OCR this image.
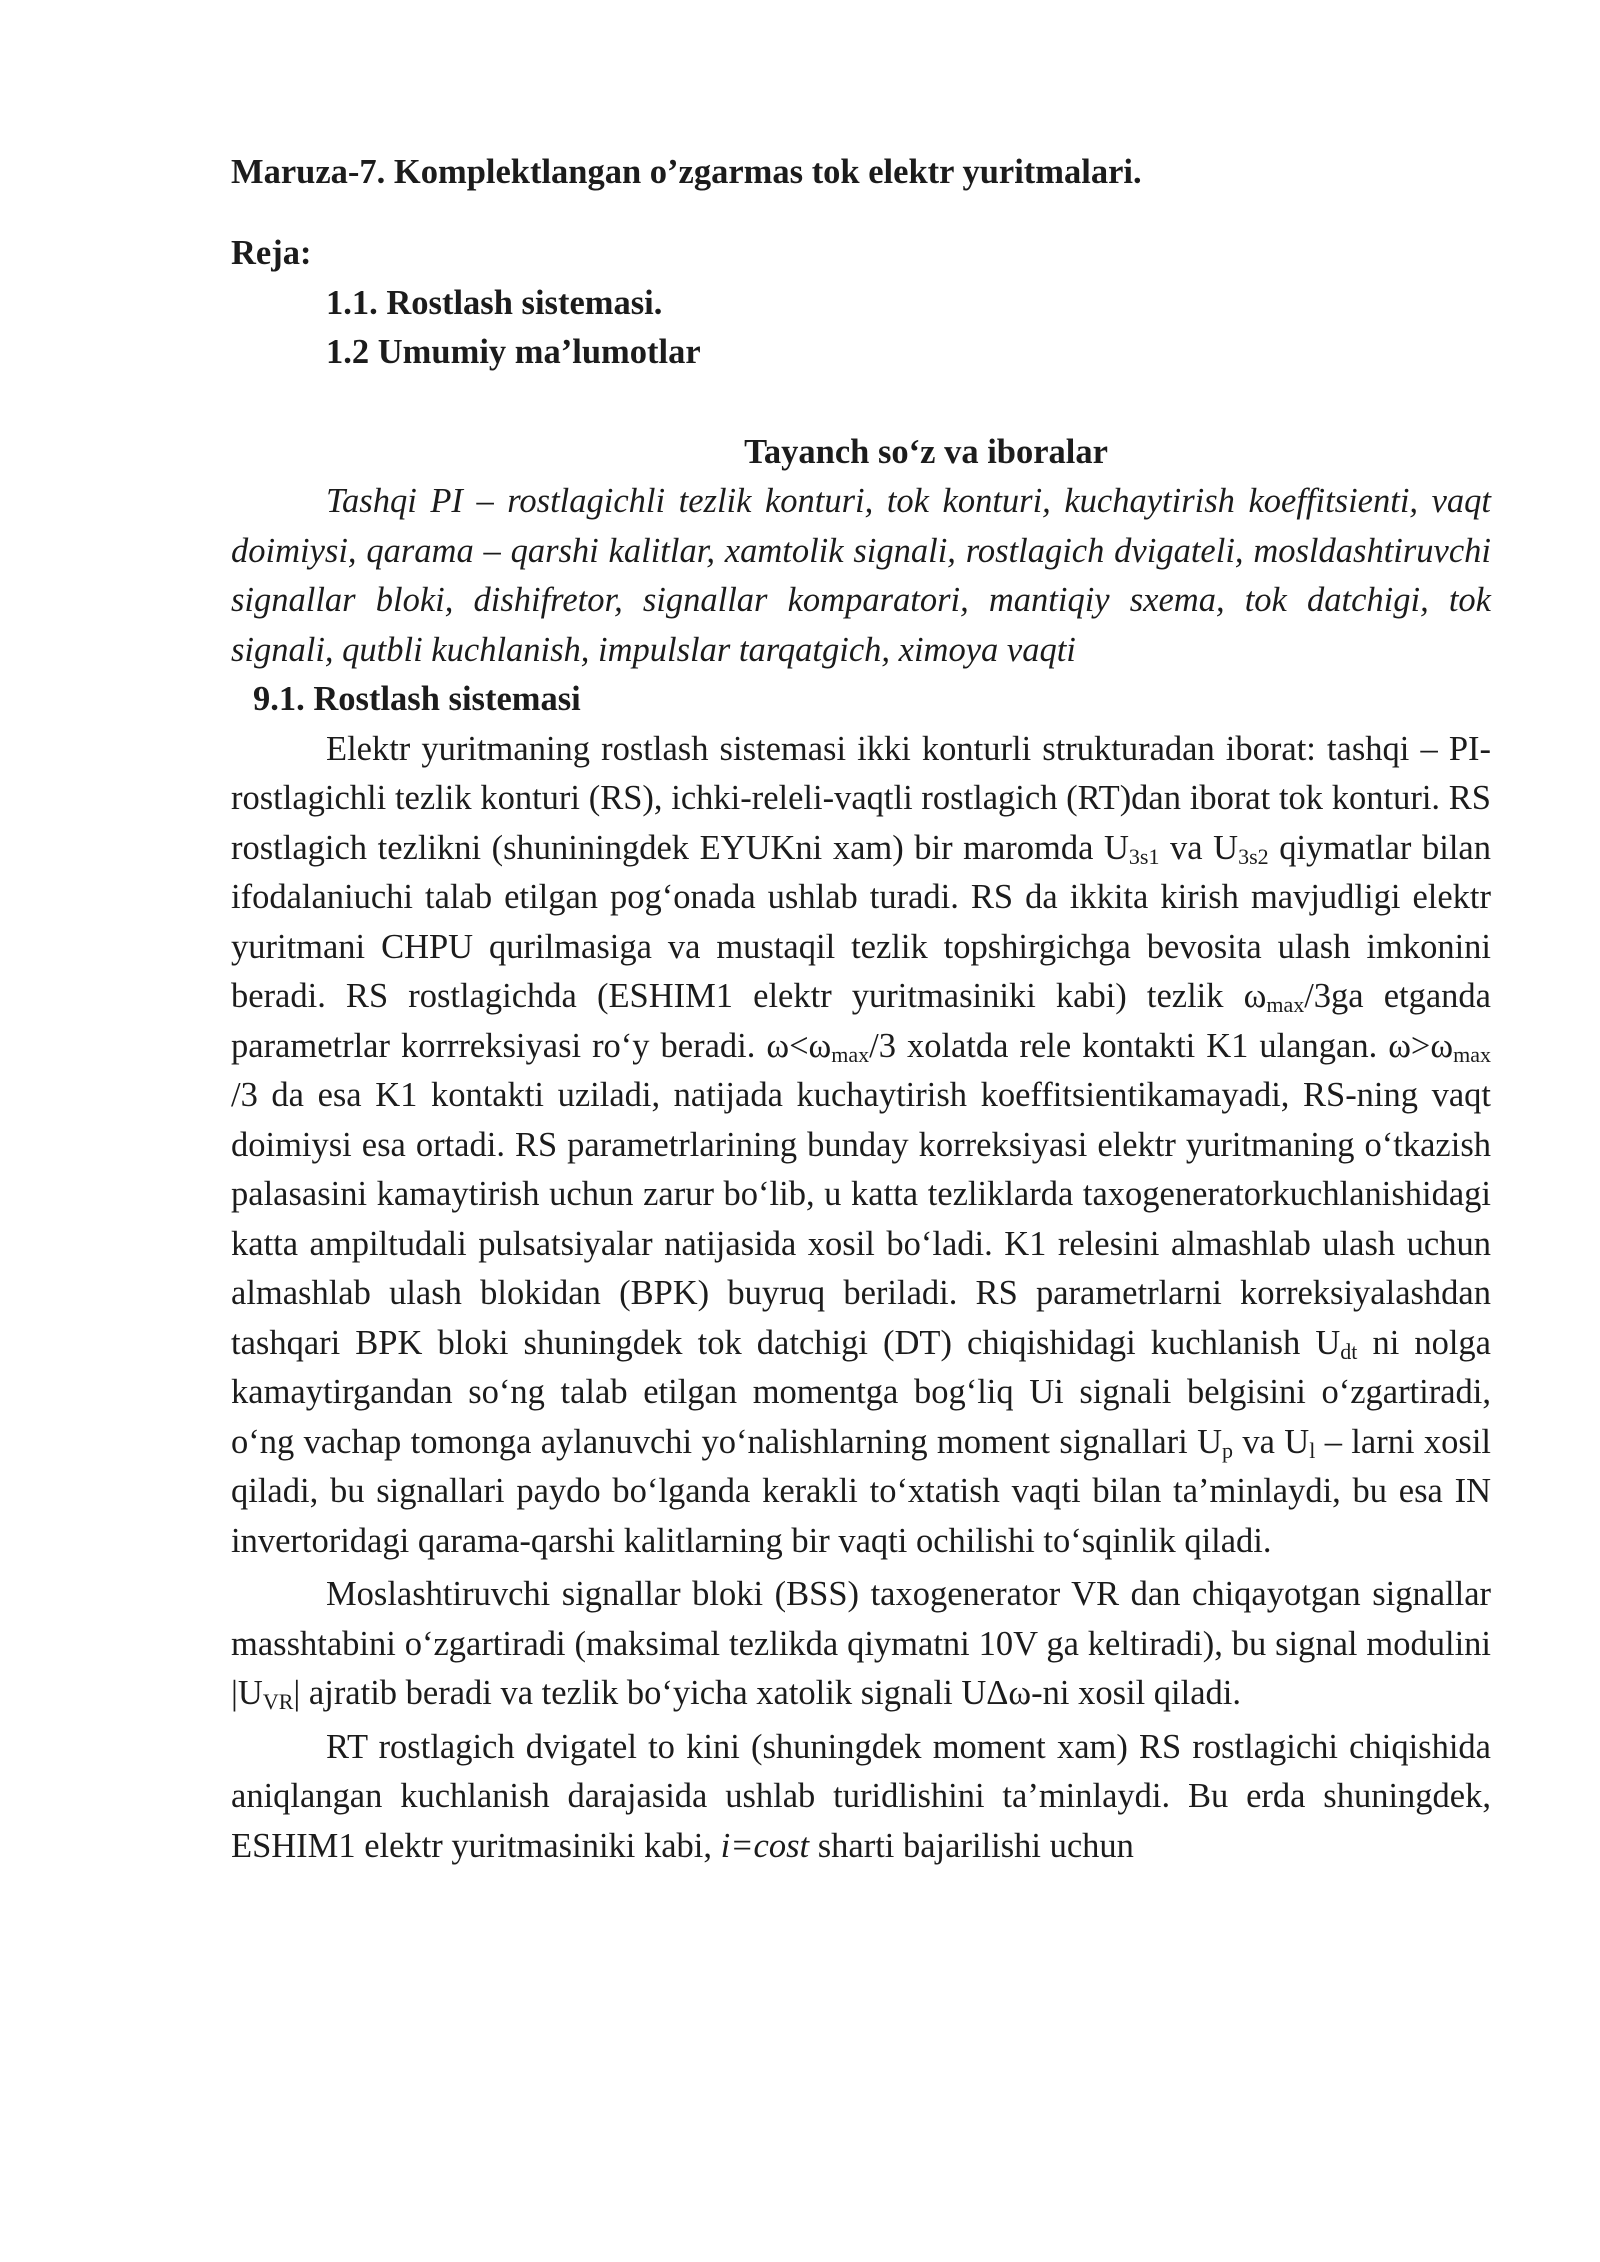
Maruza-7. Komplektlangan o’zgarmas tok elektr yuritmalari.

Reja:

1.1. Rostlash sistemasi.

1.2 Umumiy ma’lumotlar

Tayanch so‘z va iboralar

Tashqi PI – rostlagichli tezlik konturi, tok konturi, kuchaytirish koeffitsienti, vaqt doimiysi, qarama – qarshi kalitlar, xamtolik signali, rostlagich dvigateli, mosldashtiruvchi signallar bloki, dishifretor, signallar komparatori, mantiqiy sxema, tok datchigi, tok signali, qutbli kuchlanish, impulslar tarqatgich, ximoya vaqti

9.1. Rostlash sistemasi

Elektr yuritmaning rostlash sistemasi ikki konturli strukturadan iborat: tashqi – PI-rostlagichli tezlik konturi (RS), ichki-releli-vaqtli rostlagich (RT)dan iborat tok konturi. RS rostlagich tezlikni (shuniningdek EYUKni xam) bir maromda $U_{3s1}$ va $U_{3s2}$ qiymatlar bilan ifodalaniuchi talab etilgan pog‘onada ushlab turadi. RS da ikkita kirish mavjudligi elektr yuritmani CHPU qurilmasiga va mustaqil tezlik topshirgichga bevosita ulash imkonini beradi. RS rostlagichda (ESHIM1 elektr yuritmasiniki kabi) tezlik $\omega_{max}/3ga$ etganda parametrlar korrreksiyasi ro‘y beradi. $\omega<\omega_{max}/3$ xolatda rele kontakti K1 ulangan. $\omega>\omega_{max}$ /3 da esa K1 kontakti uziladi, natijada kuchaytirish koeffitsientikamayadi, RS-ning vaqt doimiysi esa ortadi. RS parametrlarining bunday korreksiyasi elektr yuritmaning o‘tkazish palasasini kamaytirish uchun zarur bo‘lib, u katta tezliklarda taxogeneratorkuchlanishidagi katta ampiltudali pulsatsiyalar natijasida xosil bo‘ladi. K1 relesini almashlab ulash uchun almashlab ulash blokidan (BPK) buyruq beriladi. RS parametrlarni korreksiyalashdan tashqari BPK bloki shuningdek tok datchigi (DT) chiqishidagi kuchlanish $U_{dt}$ ni nolga kamaytirgandan so‘ng talab etilgan momentga bog‘liq Ui signali belgisini o‘zgartiradi, o‘ng vachap tomonga aylanuvchi yo‘nalishlarning moment signallari $U_p$ va $U_l$ – larni xosil qiladi, bu signallari paydo bo‘lganda kerakli to‘xtatish vaqti bilan ta’minlaydi, bu esa IN invertoridagi qarama-qarshi kalitlarning bir vaqti ochilishi to‘sqinlik qiladi.

Moslashtiruvchi signallar bloki (BSS) taxogenerator VR dan chiqayotgan signallar masshtabini o‘zgartiradi (maksimal tezlikda qiymatni 10V ga keltiradi), bu signal modulini $|U_{VR}|$ ajratib beradi va tezlik bo‘yicha xatolik signali UΔω-ni xosil qiladi.

RT rostlagich dvigatel to kini (shuningdek moment xam) RS rostlagichi chiqishida aniqlangan kuchlanish darajasida ushlab turidlishini ta’minlaydi. Bu erda shuningdek, ESHIM1 elektr yuritmasiniki kabi, i=cost sharti bajarilishi uchun
